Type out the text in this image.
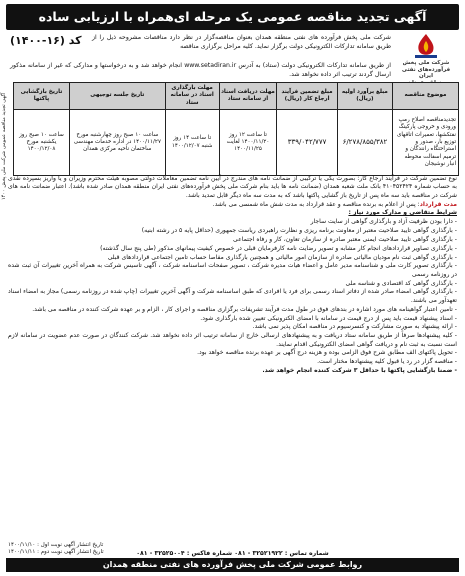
آگهی تجدید مناقصه عمومی یک مرحله ای‌همراه با ارزیابی ساده
کد (۱۶-۱۴۰۰)
شرکت ملی پخش فرآورده‌های نفتی ایران
شرکت ملی پخش فرآورده های نفتی منطقه همدان بعنوان مناقصه‌گزار در نظر دارد مناقصات مشروحه ذیل را از طریق سامانه تدارکات الکترونیکی دولت برگزار نماید. کلیه مراحل برگزاری مناقصه
از طریق سامانه تدارکات الکترونیکی دولت (ستاد) به آدرس www.setadiran.ir انجام خواهد شد و به درخواستها و مدارکی که غیر از سامانه مذکور ارسال گردند ترتیب اثر داده نخواهد شد.
آگهی تجدید مناقصه عمومی شرکت ملی پخش ۱۴۰۰	موضوع مناقصه	مبلغ برآورد اولیه (ریال)	مبلغ تضمین فرآیند ارجاع کار (ریال)	مهلت دریافت اسناد از سامانه ستاد	مهلت بارگذاری اسناد در سامانه ستاد	تاریخ جلسه توجیهی	تاریخ بازگشایی پاکتها
تجدیدمناقصه اصلاح رمپ ورودی و خروجی پارکینگ نفتکشها، تعمیرات اتاقهای توزیع بار، صدور و استراحتگاه رانندگان و ترمیم اسفالت محوطه انبار نوشیجان	۶/۲۷۸/۸۵۵/۳۸۲	۳۳۹/۰۴۲/۷۷۷	تا ساعت ۱۲ روز ۱۴۰۰/۱۱/۲۰ لغایت ۱۴۰۰/۱۱/۲۵	تا ساعت ۱۴ روز شنبه ۱۴۰۰/۱۲/۰۷	ساعت ۱۰ صبح روز چهارشنبه مورخ ۱۴۰۰/۱۱/۲۷ در اداره خدمات مهندسی ساختمان ناحیه مرکزی همدان	ساعت ۱۰ صبح روز یکشنبه مورخ ۱۴۰۰/۱۲/۰۸

نوع تضمین شرکت در فرآیند ارجاع کار: بصورت یکی یا ترکیبی از ضمانت نامه های مندرج در آیین نامه تضمین معاملات دولتی مصوبه هیئت محترم وزیران و یا واریز بسپرده نقدی به حساب شماره ۴۱۰۴۵۲۴۲۴ بانک ملت شعبه همدان (ضمانت نامه ها باید بنام شرکت ملی پخش فرآورده‌های نفتی ایران منطقه همدان صادر شده باشد). اعتبار ضمانت نامه های شرکت در مناقصه باید سه ماه پس از تاریخ باز گشایی پاکتها باشد که به مدت سه ماه دیگر قابل تمدید باشد.

مدت قرارداد: پس از اعلام به برنده مناقصه و عقد قرارداد به مدت شش ماه شمسی می باشد.

شرایط متقاضی و مدارک مورد نیاز :

- دارا بودن ظرفیت آزاد و بارگذاری گواهی از سایت ساجار

- بارگذاری گواهی تایید صلاحیت معتبر از معاونت برنامه ریزی و نظارت راهبردی ریاست جمهوری (حداقل پایه ۵ در رشته ابنیه)

- بارگذاری گواهی تایید صلاحیت ایمنی معتبر صادره از سازمان تعاون، کار و رفاه اجتماعی

- بارگذاری تصاویر قراردادهای انجام کار مشابه و تصویر رضایت نامه کارفرمایان قبلی در خصوص کیفیت پیمانهای مذکور (طی پنج سال گذشته)

- بارگذاری گواهی ثبت نام مودیان مالیاتی صادره از سازمان امور مالیاتی و همچنین بارگذاری مفاصا حساب تامین اجتماعی قراردادهای قبلی

- بارگذاری تصویر کارت ملی و شناسنامه مدیر عامل و اعضاء هیات مدیره شرکت ، تصویر صفحات اساسنامه شرکت ، آگهی تاسیس شرکت به همراه آخرین تغییرات آن ثبت شده در روزنامه رسمی

- بارگذاری گواهی کد اقتصادی و شناسه ملی

- بارگذاری گواهی امضاء صادر شده از دفاتر اسناد رسمی برای فرد یا افرادی که طبق اساسنامه شرکت و آگهی آخرین تغییرات (چاپ شده در روزنامه رسمی) مجاز به امضاء اسناد تعهدآور می باشند.

- تامین اعتبار گواهینامه های مورد اشاره در بندهای فوق در طول مدت فرآیند تشریفات برگزاری مناقصه و اجرای کار ، الزام و بر عهده شرکت کننده در مناقصه می باشد.

- اسناد پیشنهاد قیمت باید پس از درج قیمت در سامانه با امضای الکترونیکی تعیین شده بارگذاری شود.

- ارائه پیشنهاد به صورت مشارکت و کنسرسیوم در مناقصه امکان پذیر نمی باشد.

- کلیه پیشنهادها صرفاً از طریق سامانه ستاد دریافت و به پیشنهادهای ارسالی خارج از سامانه ترتیب اثر داده نخواهد شد. شرکت کنندگان در صورت عدم عضویت در سامانه لازم است نسبت به ثبت نام و دریافت گواهی امضای الکترونیکی اقدام نمایند.

- تحویل پاکتهای الف مطابق شرح فوق الزامی بوده و هزینه درج آگهی بر عهده برنده مناقصه خواهد بود.

- مناقصه گزار در رد یا قبول کلیه پیشنهادها مختار است.

- ضمنا بازگشایی پاکتها با حداقل ۳ شرکت کننده انجام خواهد شد.

تاریخ انتشار آگهی نوبت اول : ۱۴۰۰/۱۱/۱۰
تاریخ انتشار آگهی نوبت دوم : ۱۴۰۰/۱۱/۱۱	شماره تماس : ۳۲۵۲۱۹۲۲ - ۰۸۱ شماره فاکس : ۳۲۵۲۵۰۰۴ - ۰۸۱
روابط عمومی شرکت ملی پخش فرآورده های نفتی منطقه همدان
